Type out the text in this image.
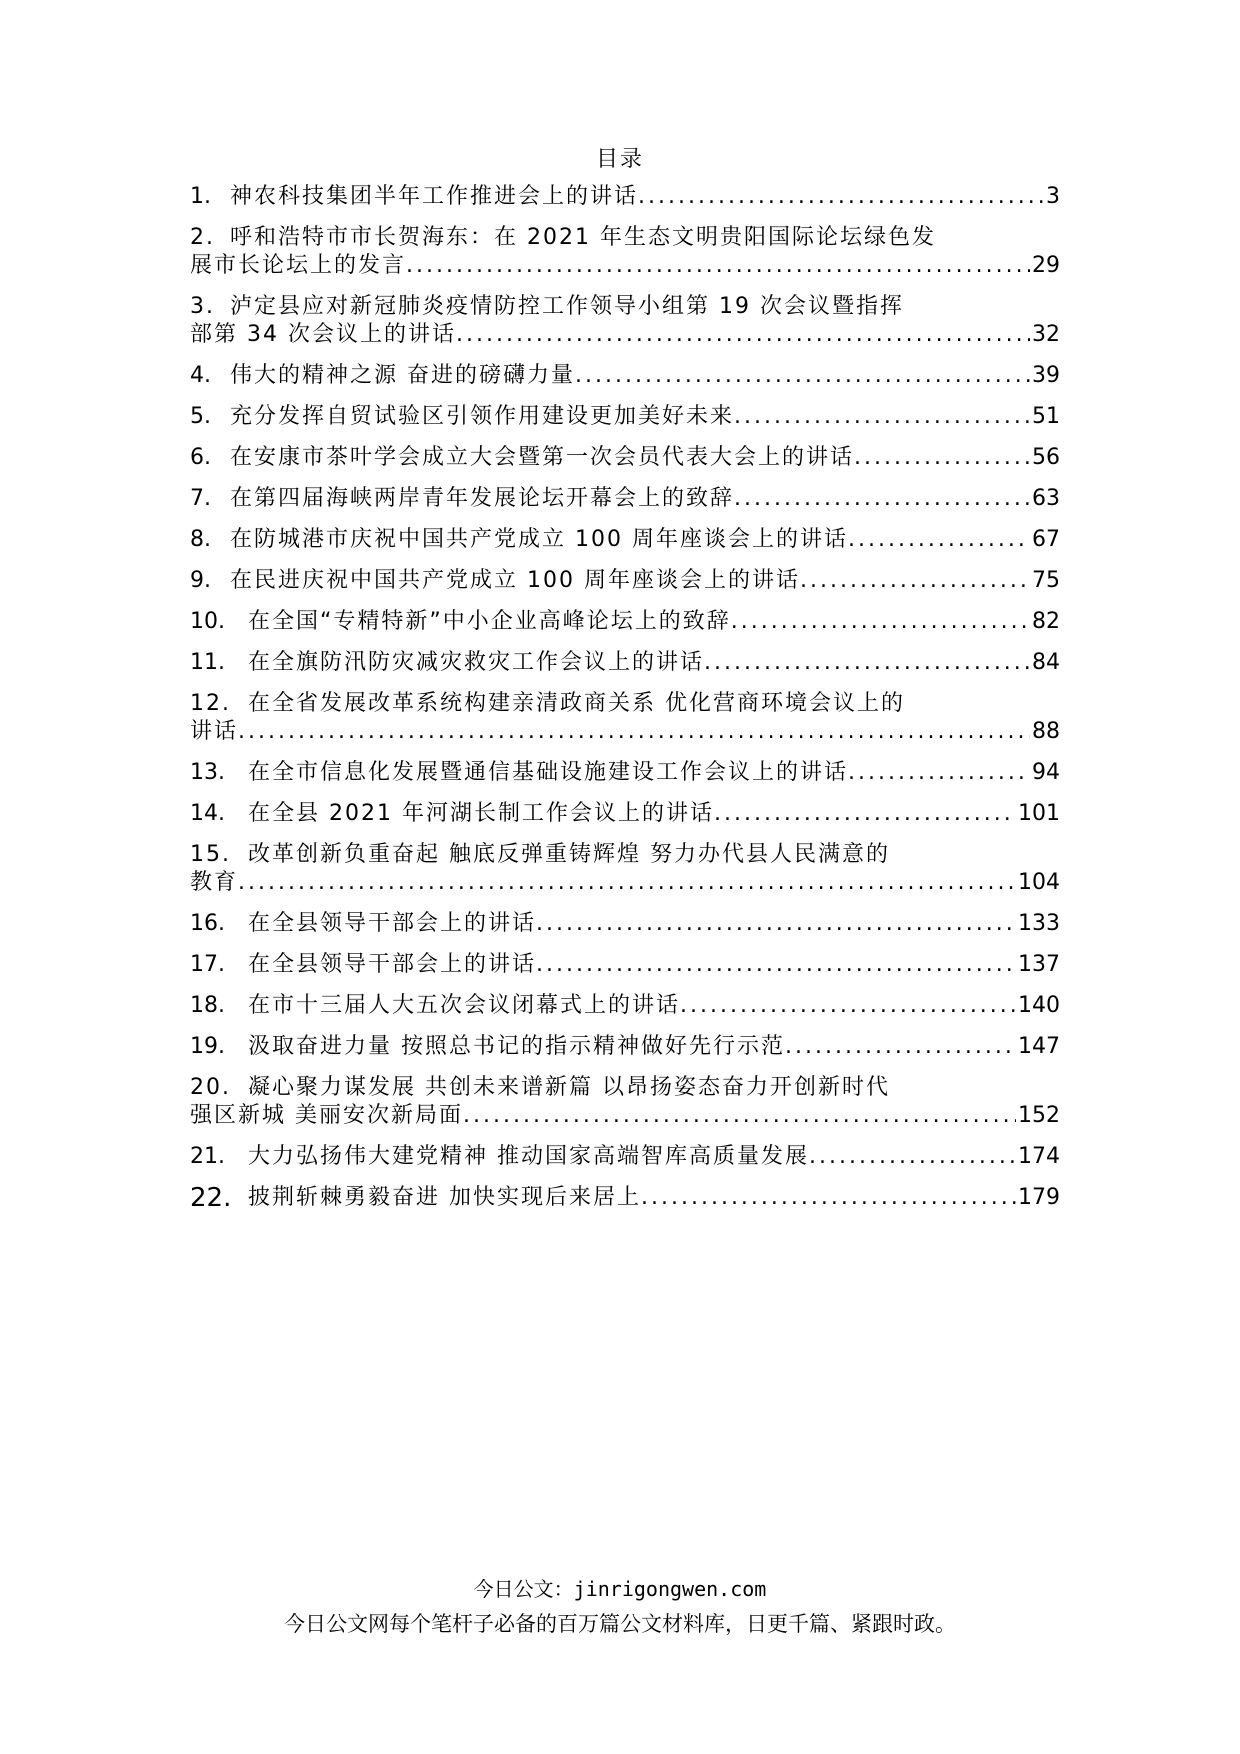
目录
1. 神农科技集团半年工作推进会上的讲话 .....	3
2. 呼和浩特市市长贺海东：在 2021 年生态文明贵阳国际论坛绿色发
展市长论坛上的发言 .....	29
3. 泸定县应对新冠肺炎疫情防控工作领导小组第 19 次会议暨指挥
部第 34 次会议上的讲话 .....	32
4. 伟大的精神之源 奋进的磅礴力量 .....	39
5. 充分发挥自贸试验区引领作用建设更加美好未来 .....	51
6. 在安康市茶叶学会成立大会暨第一次会员代表大会上的讲话 .....	56
7. 在第四届海峡两岸青年发展论坛开幕会上的致辞 .....	63
8. 在防城港市庆祝中国共产党成立 100 周年座谈会上的讲话 .....	67
9. 在民进庆祝中国共产党成立 100 周年座谈会上的讲话 .....	75
10.	在全国“专精特新”中小企业高峰论坛上的致辞 .....	82
11.	在全旗防汛防灾减灾救灾工作会议上的讲话 .....	84
12. 在全省发展改革系统构建亲清政商关系 优化营商环境会议上的
讲话 .....	88
13.	在全市信息化发展暨通信基础设施建设工作会议上的讲话 .....	94
14.	在全县 2021 年河湖长制工作会议上的讲话 .....	101
15. 改革创新负重奋起 触底反弹重铸辉煌 努力办代县人民满意的
教育 .....	104
16.	在全县领导干部会上的讲话 .....	133
17.	在全县领导干部会上的讲话 .....	137
18.	在市十三届人大五次会议闭幕式上的讲话 .....	140
19.	汲取奋进力量 按照总书记的指示精神做好先行示范 .....	147
20. 凝心聚力谋发展 共创未来谱新篇 以昂扬姿态奋力开创新时代
强区新城 美丽安次新局面 .....	152
21.	大力弘扬伟大建党精神 推动国家高端智库高质量发展 .....	174
22. 披荆斩棘勇毅奋进 加快实现后来居上 .....	179
今日公文：jinrigongwen.com
今日公文网每个笔杆子必备的百万篇公文材料库，日更千篇、紧跟时政。
